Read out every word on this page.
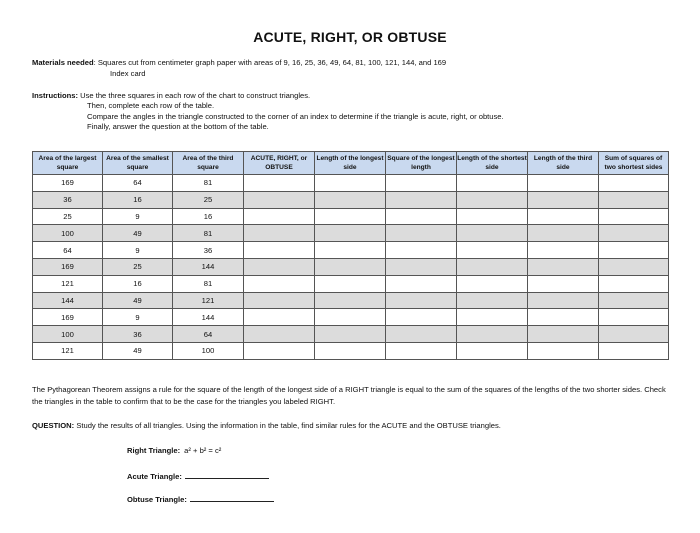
ACUTE, RIGHT, OR OBTUSE
Materials needed: Squares cut from centimeter graph paper with areas of 9, 16, 25, 36, 49, 64, 81, 100, 121, 144, and 169
Index card
Instructions: Use the three squares in each row of the chart to construct triangles.
Then, complete each row of the table.
Compare the angles in the triangle constructed to the corner of an index to determine if the triangle is acute, right, or obtuse.
Finally, answer the question at the bottom of the table.
Area of the largest square	Area of the smallest square	Area of the third square	ACUTE, RIGHT, or OBTUSE	Length of the longest side	Square of the longest length	Length of the shortest side	Length of the third side	Sum of squares of two shortest sides
169	64	81						
36	16	25						
25	9	16						
100	49	81						
64	9	36						
169	25	144						
121	16	81						
144	49	121						
169	9	144						
100	36	64						
121	49	100						
The Pythagorean Theorem assigns a rule for the square of the length of the longest side of a RIGHT triangle is equal to the sum of the squares of the lengths of the two shorter sides. Check the triangles in the table to confirm that to be the case for the triangles you labeled RIGHT.
QUESTION: Study the results of all triangles. Using the information in the table, find similar rules for the ACUTE and the OBTUSE triangles.
Right Triangle: a² + b² = c²
Acute Triangle:
Obtuse Triangle:
